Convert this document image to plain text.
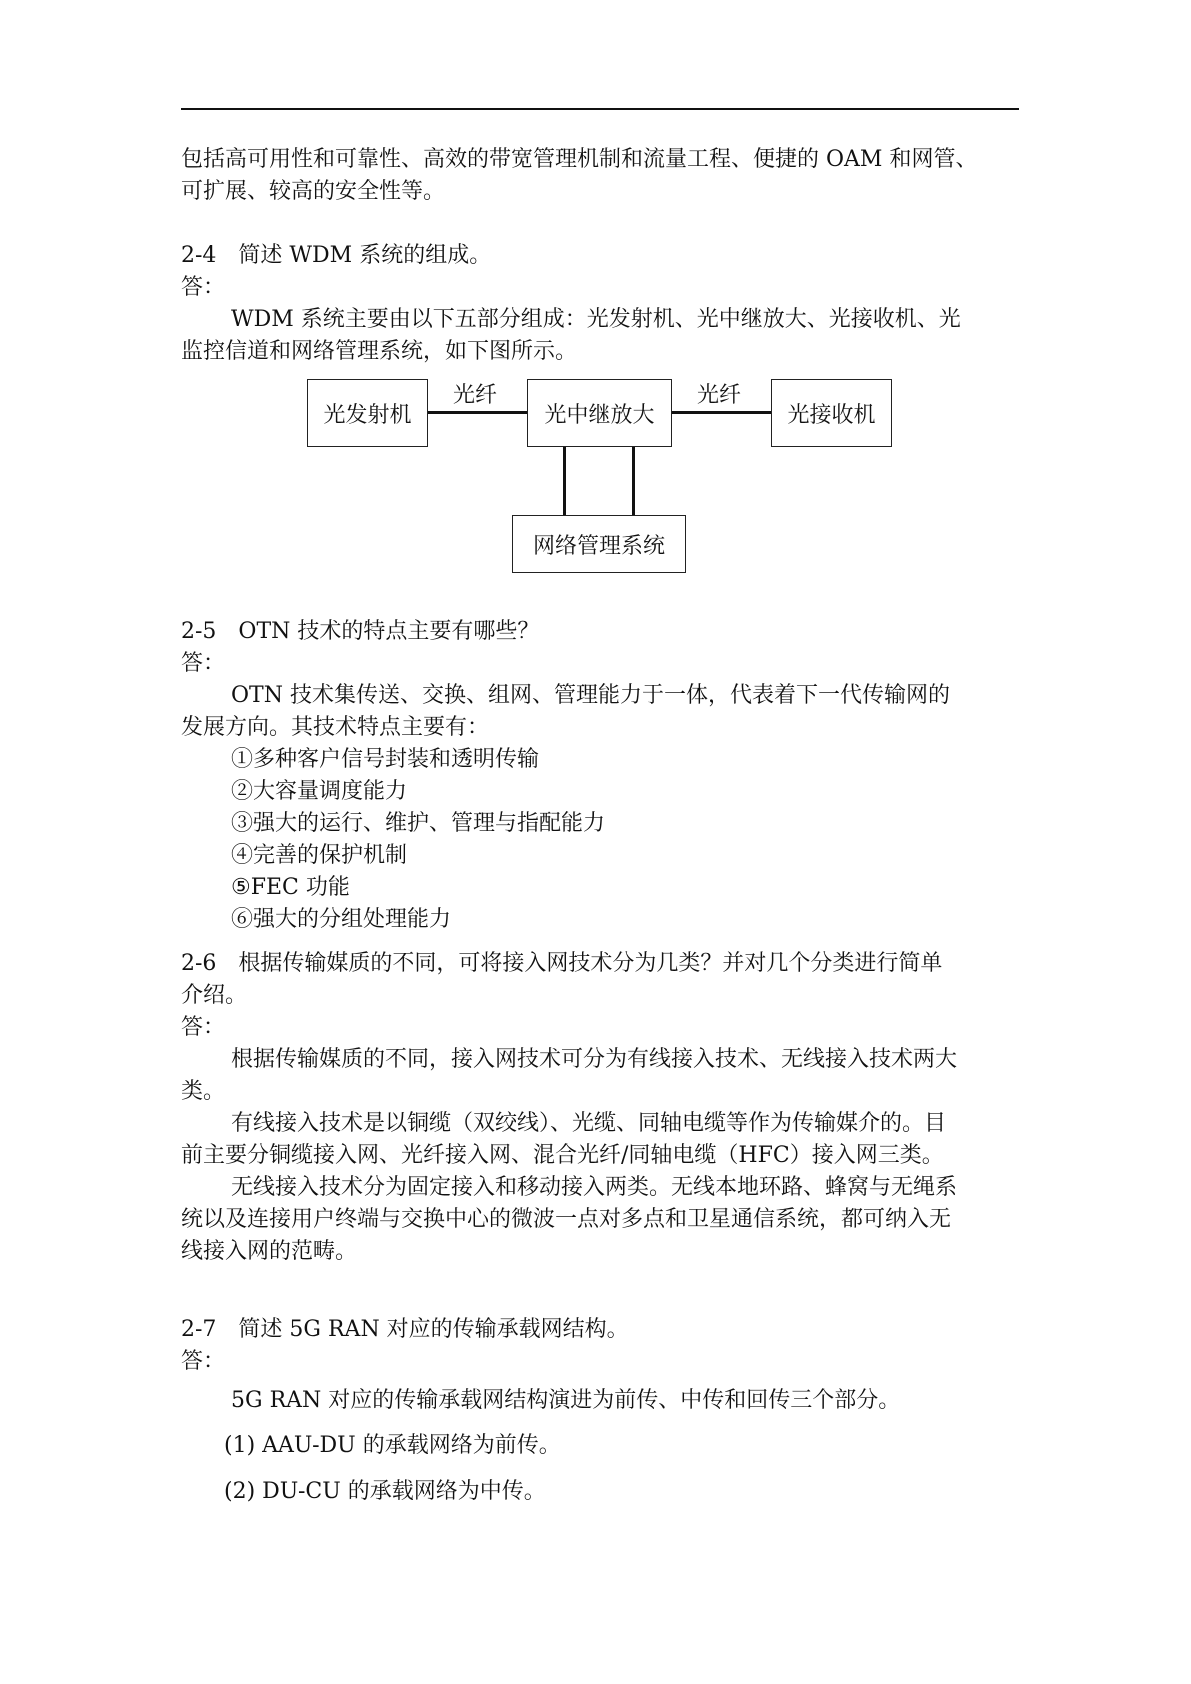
包括高可用性和可靠性、高效的带宽管理机制和流量工程、便捷的 OAM 和网管、
可扩展、较高的安全性等。
2-4　简述 WDM 系统的组成。
答：
WDM 系统主要由以下五部分组成：光发射机、光中继放大、光接收机、光
监控信道和网络管理系统，如下图所示。
光发射机	光中继放大	光接收机
网络管理系统
光纤	光纤
2-5　OTN 技术的特点主要有哪些？
答：
OTN 技术集传送、交换、组网、管理能力于一体，代表着下一代传输网的
发展方向。其技术特点主要有：
①多种客户信号封装和透明传输
②大容量调度能力
③强大的运行、维护、管理与指配能力
④完善的保护机制
⑤FEC 功能
⑥强大的分组处理能力
2-6　根据传输媒质的不同，可将接入网技术分为几类？并对几个分类进行简单
介绍。
答：
根据传输媒质的不同，接入网技术可分为有线接入技术、无线接入技术两大
类。
有线接入技术是以铜缆（双绞线）、光缆、同轴电缆等作为传输媒介的。目
前主要分铜缆接入网、光纤接入网、混合光纤/同轴电缆（HFC）接入网三类。
无线接入技术分为固定接入和移动接入两类。无线本地环路、蜂窝与无绳系
统以及连接用户终端与交换中心的微波一点对多点和卫星通信系统，都可纳入无
线接入网的范畴。
2-7　简述 5G RAN 对应的传输承载网结构。
答：
5G RAN 对应的传输承载网结构演进为前传、中传和回传三个部分。
(1) AAU-DU 的承载网络为前传。
(2) DU-CU 的承载网络为中传。
